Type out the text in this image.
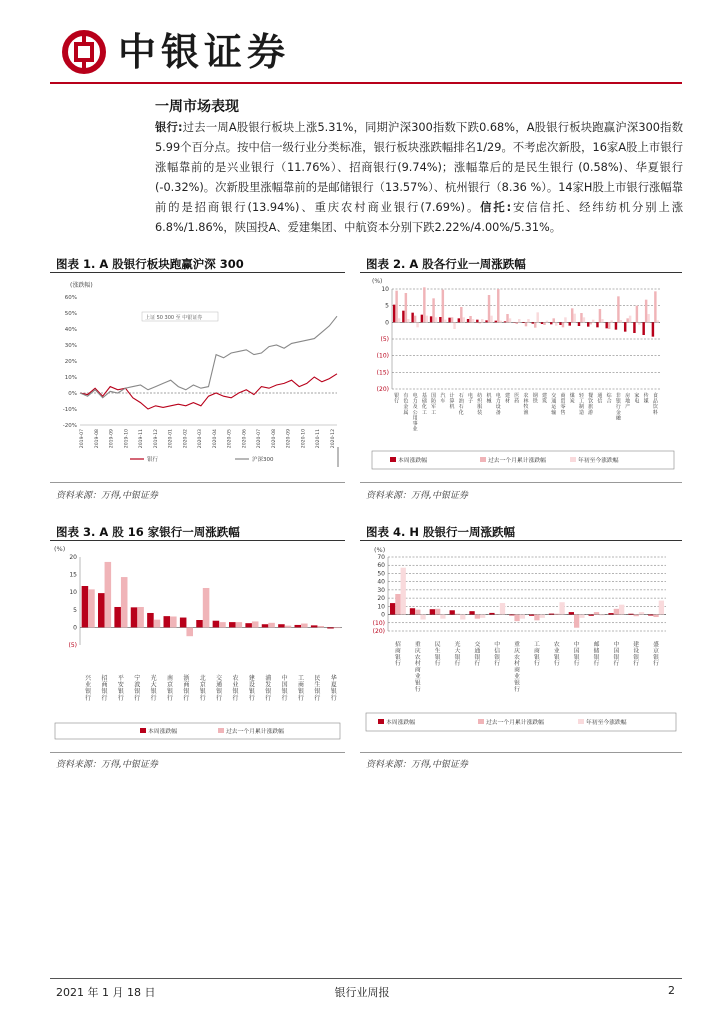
中银证券
一周市场表现
银行:过去一周A股银行板块上涨5.31%，同期沪深300指数下跌0.68%，A股银行板块跑赢沪深300指数5.99个百分点。按中信一级行业分类标准，银行板块涨跌幅排名1/29。不考虑次新股，16家A股上市银行涨幅靠前的是兴业银行（11.76%）、招商银行(9.74%)；涨幅靠后的是民生银行 (0.58%)、华夏银行 (-0.32%)。次新股里涨幅靠前的是邮储银行（13.57%）、杭州银行（8.36 %）。14家H股上市银行涨幅靠前的是招商银行(13.94%)、重庆农村商业银行(7.69%)。信托:安信信托、经纬纺机分别上涨6.8%/1.86%，陕国投A、爱建集团、中航资本分别下跌2.22%/4.00%/5.31%。
图表 1. A 股银行板块跑赢沪深 300
(涨跌幅)
60%
50%
40%
30%
20%
10%
0%
-10%
-20%
2019-07 2019-08 2019-09 2019-10 2019-11 2019-12 2020-01 2020-02 2020-03 2020-04 2020-05 2020-06 2020-07 2020-08 2020-09 2020-10 2020-11 2020-12
上证 50 300 至 中银证券
银行	沪深300
资料来源：万得,中银证券
图表 2. A 股各行业一周涨跌幅
(%)
10
5
0
(5)
(10)
(15)
(20)
银行
有色金属
电力及公用事业
基础化工
国防军工
汽车
计算机
石油石化
电子
纺织服装
机械
电力设备
建材
医药
农林牧渔
钢铁
建筑
交通运输
商贸零售
煤炭
轻工制造
餐饮旅游
通信
综合
非银行金融
房地产
家电
传媒
食品饮料
本周涨跌幅	过去一个月累计涨跌幅	年初至今涨跌幅
资料来源：万得,中银证券
图表 3. A 股 16 家银行一周涨跌幅
(%)
20
15
10
5
0
(5)
兴业银行
招商银行
平安银行
宁波银行
光大银行
南京银行
浙商银行
北京银行
交通银行
农业银行
建设银行
浦发银行
中国银行
工商银行
民生银行
华夏银行
本周涨跌幅	过去一个月累计涨跌幅
资料来源：万得,中银证券
图表 4. H 股银行一周涨跌幅
(%)
70
60
50
40
30
20
10
0
(10)
(20)
招商银行
重庆农村商业银行
民生银行
光大银行
交通银行
中信银行
重庆农村商业银行
工商银行
农业银行
中国银行
邮储银行
中国银行
建设银行
盛京银行
本周涨跌幅	过去一个月累计涨跌幅	年初至今涨跌幅
资料来源：万得,中银证券
2021 年 1 月 18 日	银行业周报	2
